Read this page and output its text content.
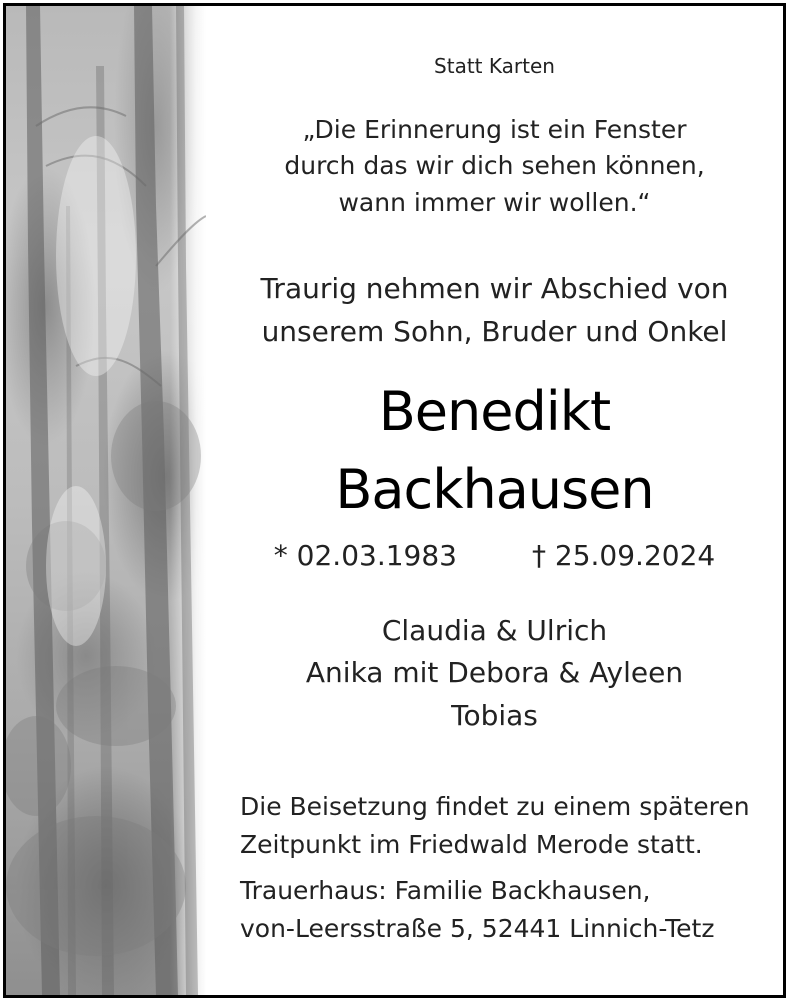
Statt Karten
„Die Erinnerung ist ein Fenster
durch das wir dich sehen können,
wann immer wir wollen.“
Traurig nehmen wir Abschied von
unserem Sohn, Bruder und Onkel
Benedikt
Backhausen
* 02.03.1983	† 25.09.2024
Claudia & Ulrich
Anika mit Debora & Ayleen
Tobias
Die Beisetzung findet zu einem späteren
Zeitpunkt im Friedwald Merode statt.
Trauerhaus: Familie Backhausen,
von-Leersstraße 5, 52441 Linnich-Tetz
